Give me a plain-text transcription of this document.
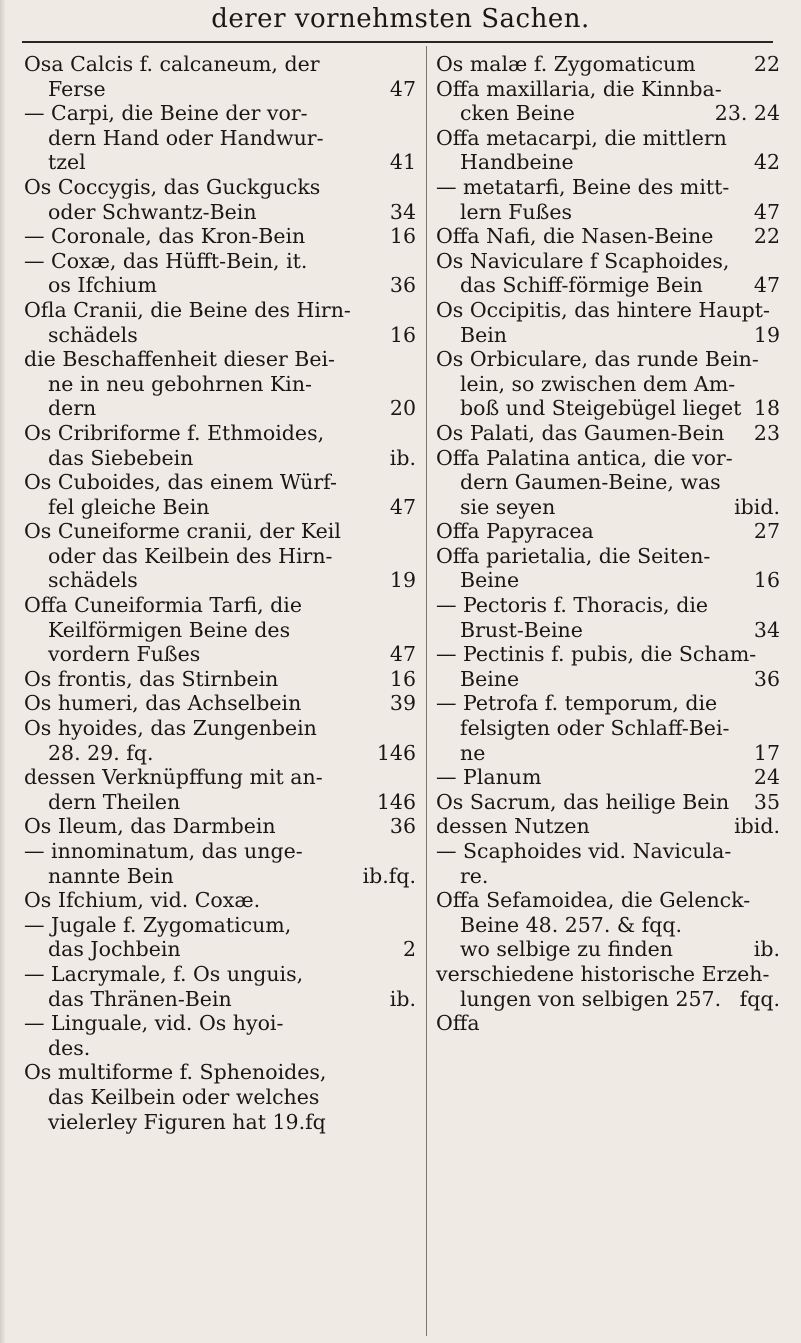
derer vornehmsten Sachen.
Osa Calcis f. calcaneum, der
Ferse	47
— Carpi, die Beine der vor-
dern Hand oder Handwur-
tzel	41
Os Coccygis, das Guckgucks
oder Schwantz-Bein	34
— Coronale, das Kron-Bein	16
— Coxæ, das Hüfft-Bein, it.
os Ifchium	36
Ofla Cranii, die Beine des Hirn-
schädels	16
die Beschaffenheit dieser Bei-
ne in neu gebohrnen Kin-
dern	20
Os Cribriforme f. Ethmoides,
das Siebebein	ib.
Os Cuboides, das einem Würf-
fel gleiche Bein	47
Os Cuneiforme cranii, der Keil
oder das Keilbein des Hirn-
schädels	19
Offa Cuneiformia Tarfi, die
Keilförmigen Beine des
vordern Fußes	47
Os frontis, das Stirnbein	16
Os humeri, das Achselbein	39
Os hyoides, das Zungenbein
28. 29. fq.	146
dessen Verknüpffung mit an-
dern Theilen	146
Os Ileum, das Darmbein	36
— innominatum, das unge-
nannte Bein	ib.fq.
Os Ifchium, vid. Coxæ.
— Jugale f. Zygomaticum,
das Jochbein	2
— Lacrymale, f. Os unguis,
das Thränen-Bein	ib.
— Linguale, vid. Os hyoi-
des.
Os multiforme f. Sphenoides,
das Keilbein oder welches
vielerley Figuren hat 19.fq
Os malæ f. Zygomaticum	22
Offa maxillaria, die Kinnba-
cken Beine	23. 24
Offa metacarpi, die mittlern
Handbeine	42
— metatarfi, Beine des mitt-
lern Fußes	47
Offa Nafi, die Nasen-Beine 22
Os Naviculare f Scaphoides,
das Schiff-förmige Bein 47
Os Occipitis, das hintere Haupt-
Bein	19
Os Orbiculare, das runde Bein-
lein, so zwischen dem Am-
boß und Steigebügel lieget 18
Os Palati, das Gaumen-Bein 23
Offa Palatina antica, die vor-
dern Gaumen-Beine, was
sie seyen	ibid.
Offa Papyracea	27
Offa parietalia, die Seiten-
Beine	16
— Pectoris f. Thoracis, die
Brust-Beine	34
— Pectinis f. pubis, die Scham-
Beine	36
— Petrofa f. temporum, die
felsigten oder Schlaff-Bei-
ne	17
— Planum	24
Os Sacrum, das heilige Bein 35
dessen Nutzen	ibid.
— Scaphoides vid. Navicula-
re.
Offa Sefamoidea, die Gelenck-
Beine 48. 257. & fqq.
wo selbige zu finden	ib.
verschiedene historische Erzeh-
lungen von selbigen 257. fqq.
Offa
